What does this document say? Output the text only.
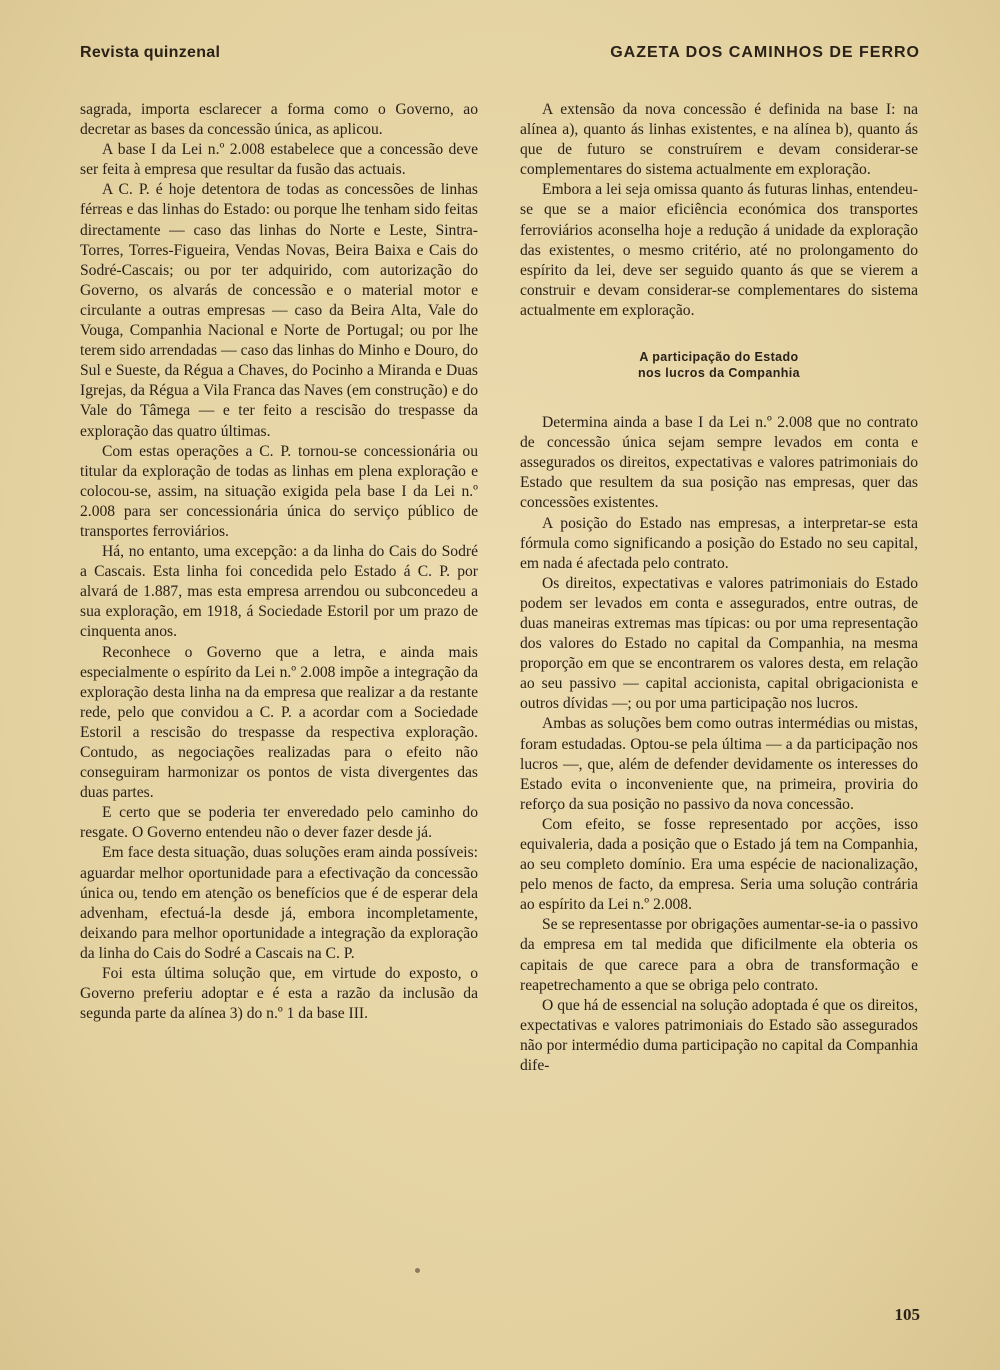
Revista quinzenal	GAZETA DOS CAMINHOS DE FERRO

sagrada, importa esclarecer a forma como o Governo, ao decretar as bases da concessão única, as aplicou.

A base I da Lei n.º 2.008 estabelece que a concessão deve ser feita à empresa que resultar da fusão das actuais.

A C. P. é hoje detentora de todas as concessões de linhas férreas e das linhas do Estado: ou porque lhe tenham sido feitas directamente — caso das linhas do Norte e Leste, Sintra-Torres, Torres-Figueira, Vendas Novas, Beira Baixa e Cais do Sodré-Cascais; ou por ter adquirido, com autorização do Governo, os alvarás de concessão e o material motor e circulante a outras empresas — caso da Beira Alta, Vale do Vouga, Companhia Nacional e Norte de Portugal; ou por lhe terem sido arrendadas — caso das linhas do Minho e Douro, do Sul e Sueste, da Régua a Chaves, do Pocinho a Miranda e Duas Igrejas, da Régua a Vila Franca das Naves (em construção) e do Vale do Tâmega — e ter feito a rescisão do trespasse da exploração das quatro últimas.

Com estas operações a C. P. tornou-se concessionária ou titular da exploração de todas as linhas em plena exploração e colocou-se, assim, na situação exigida pela base I da Lei n.º 2.008 para ser concessionária única do serviço público de transportes ferroviários.

Há, no entanto, uma excepção: a da linha do Cais do Sodré a Cascais. Esta linha foi concedida pelo Estado á C. P. por alvará de 1.887, mas esta empresa arrendou ou subconcedeu a sua exploração, em 1918, á Sociedade Estoril por um prazo de cinquenta anos.

Reconhece o Governo que a letra, e ainda mais especialmente o espírito da Lei n.º 2.008 impõe a integração da exploração desta linha na da empresa que realizar a da restante rede, pelo que convidou a C. P. a acordar com a Sociedade Estoril a rescisão do trespasse da respectiva exploração. Contudo, as negociações realizadas para o efeito não conseguiram harmonizar os pontos de vista divergentes das duas partes.

E certo que se poderia ter enveredado pelo caminho do resgate. O Governo entendeu não o dever fazer desde já.

Em face desta situação, duas soluções eram ainda possíveis: aguardar melhor oportunidade para a efectivação da concessão única ou, tendo em atenção os benefícios que é de esperar dela advenham, efectuá-la desde já, embora incompletamente, deixando para melhor oportunidade a integração da exploração da linha do Cais do Sodré a Cascais na C. P.

Foi esta última solução que, em virtude do exposto, o Governo preferiu adoptar e é esta a razão da inclusão da segunda parte da alínea 3) do n.º 1 da base III.

A extensão da nova concessão é definida na base I: na alínea a), quanto ás linhas existentes, e na alínea b), quanto ás que de futuro se construírem e devam considerar-se complementares do sistema actualmente em exploração.

Embora a lei seja omissa quanto ás futuras linhas, entendeu-se que se a maior eficiência económica dos transportes ferroviários aconselha hoje a redução á unidade da exploração das existentes, o mesmo critério, até no prolongamento do espírito da lei, deve ser seguido quanto ás que se vierem a construir e devam considerar-se complementares do sistema actualmente em exploração.

A participação do Estado
nos lucros da Companhia

Determina ainda a base I da Lei n.º 2.008 que no contrato de concessão única sejam sempre levados em conta e assegurados os direitos, expectativas e valores patrimoniais do Estado que resultem da sua posição nas empresas, quer das concessões existentes.

A posição do Estado nas empresas, a interpretar-se esta fórmula como significando a posição do Estado no seu capital, em nada é afectada pelo contrato.

Os direitos, expectativas e valores patrimoniais do Estado podem ser levados em conta e assegurados, entre outras, de duas maneiras extremas mas típicas: ou por uma representação dos valores do Estado no capital da Companhia, na mesma proporção em que se encontrarem os valores desta, em relação ao seu passivo — capital accionista, capital obrigacionista e outros dívidas —; ou por uma participação nos lucros.

Ambas as soluções bem como outras intermédias ou mistas, foram estudadas. Optou-se pela última — a da participação nos lucros —, que, além de defender devidamente os interesses do Estado evita o inconveniente que, na primeira, proviria do reforço da sua posição no passivo da nova concessão.

Com efeito, se fosse representado por acções, isso equivaleria, dada a posição que o Estado já tem na Companhia, ao seu completo domínio. Era uma espécie de nacionalização, pelo menos de facto, da empresa. Seria uma solução contrária ao espírito da Lei n.º 2.008.

Se se representasse por obrigações aumentar-se-ia o passivo da empresa em tal medida que dificilmente ela obteria os capitais de que carece para a obra de transformação e reapetrechamento a que se obriga pelo contrato.

O que há de essencial na solução adoptada é que os direitos, expectativas e valores patrimoniais do Estado são assegurados não por intermédio duma participação no capital da Companhia dife-

105
